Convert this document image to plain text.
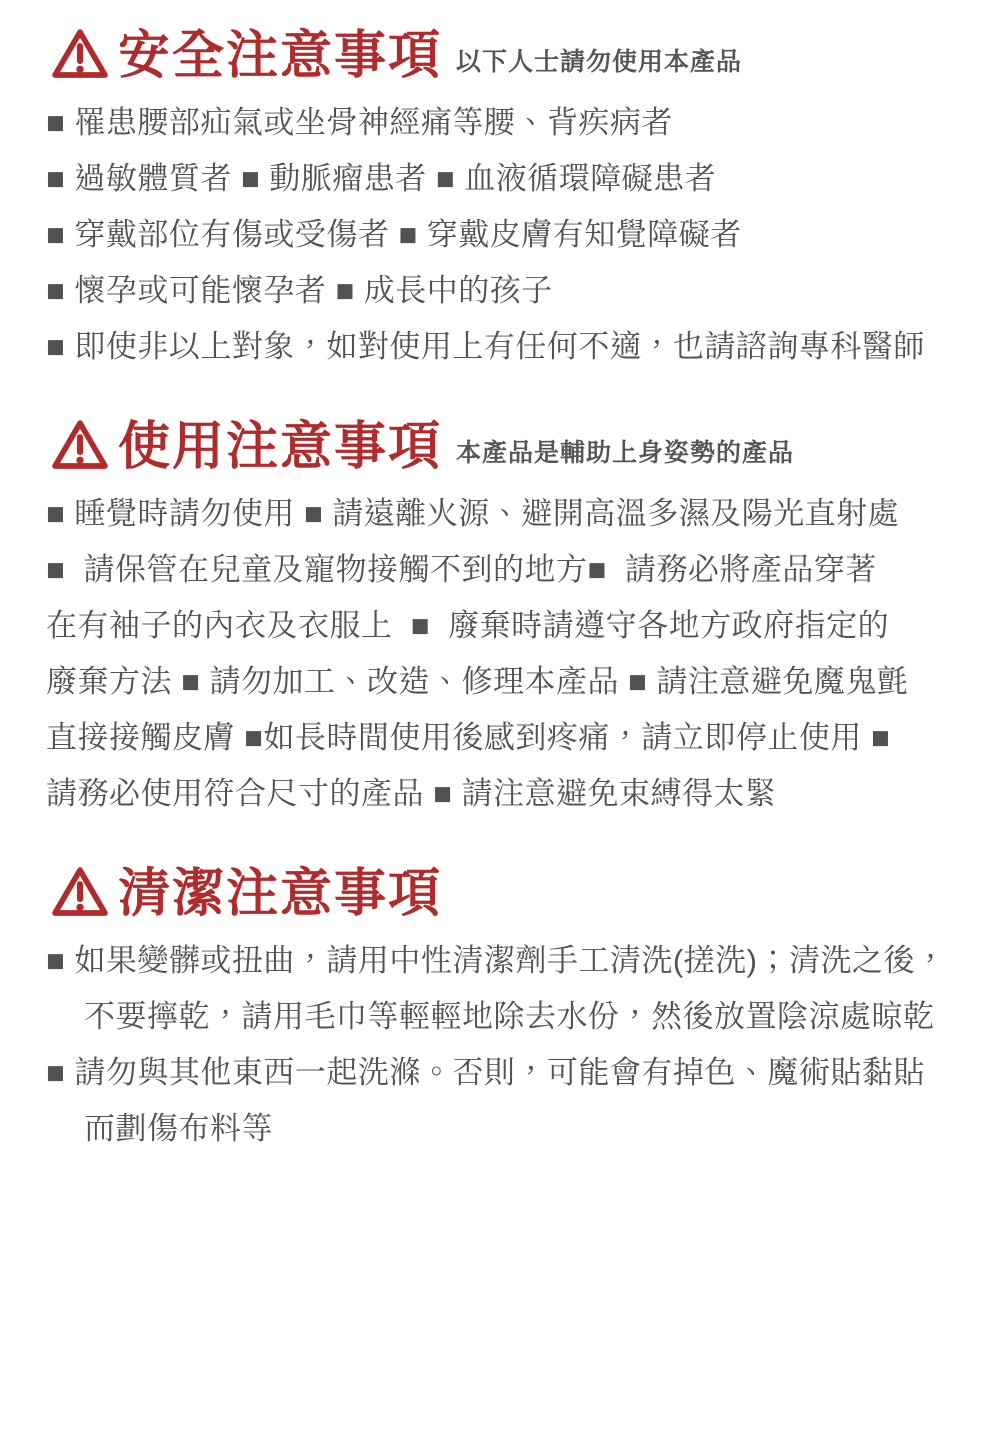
安全注意事項 以下人士請勿使用本產品
■ 罹患腰部疝氣或坐骨神經痛等腰、背疾病者
■ 過敏體質者 ■ 動脈瘤患者 ■ 血液循環障礙患者
■ 穿戴部位有傷或受傷者 ■ 穿戴皮膚有知覺障礙者
■ 懷孕或可能懷孕者 ■ 成長中的孩子
■ 即使非以上對象，如對使用上有任何不適，也請諮詢專科醫師
使用注意事項 本產品是輔助上身姿勢的產品
■ 睡覺時請勿使用 ■ 請遠離火源、避開高溫多濕及陽光直射處
■  請保管在兒童及寵物接觸不到的地方■  請務必將產品穿著
在有袖子的內衣及衣服上  ■  廢棄時請遵守各地方政府指定的
廢棄方法 ■ 請勿加工、改造、修理本產品 ■ 請注意避免魔鬼氈
直接接觸皮膚 ■如長時間使用後感到疼痛，請立即停止使用 ■
請務必使用符合尺寸的產品 ■ 請注意避免束縛得太緊
清潔注意事項
■ 如果變髒或扭曲，請用中性清潔劑手工清洗(搓洗)；清洗之後，
不要擰乾，請用毛巾等輕輕地除去水份，然後放置陰涼處晾乾
■ 請勿與其他東西一起洗滌。否則，可能會有掉色、魔術貼黏貼
而劃傷布料等
